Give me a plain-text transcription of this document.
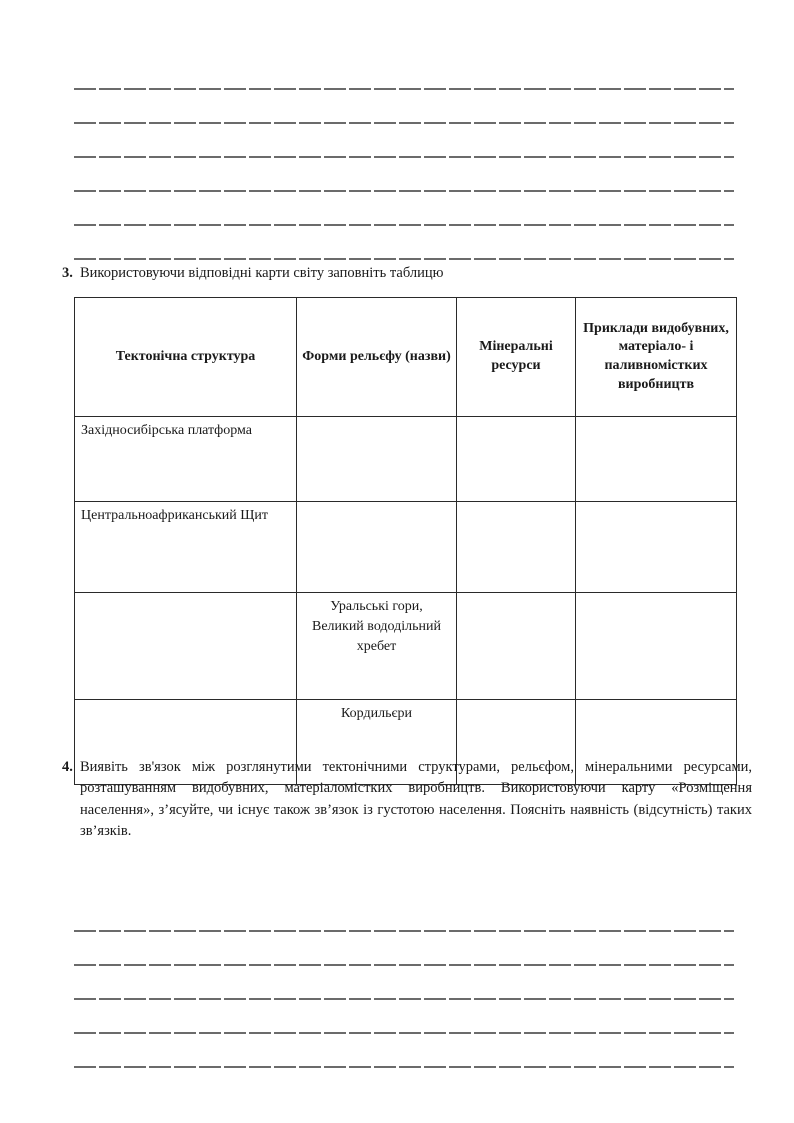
3. Використовуючи відповідні карти світу заповніть таблицю
Тектонічна структура	Форми рельєфу (назви)	Мінеральні ресурси	Приклади видобувних, матеріало- і паливномістких виробництв
Західносибірська платформа			
Центральноафриканський Щит			
	Уральські гори, Великий вододільний хребет		
	Кордильєри		
4. Виявіть зв'язок між розглянутими тектонічними структурами, рельєфом, мінеральними ресурсами, розташуванням видобувних, матеріаломістких виробництв. Використовуючи карту «Розміщення населення», з’ясуйте, чи існує також зв’язок із густотою населення. Поясніть наявність (відсутність) таких зв’язків.
